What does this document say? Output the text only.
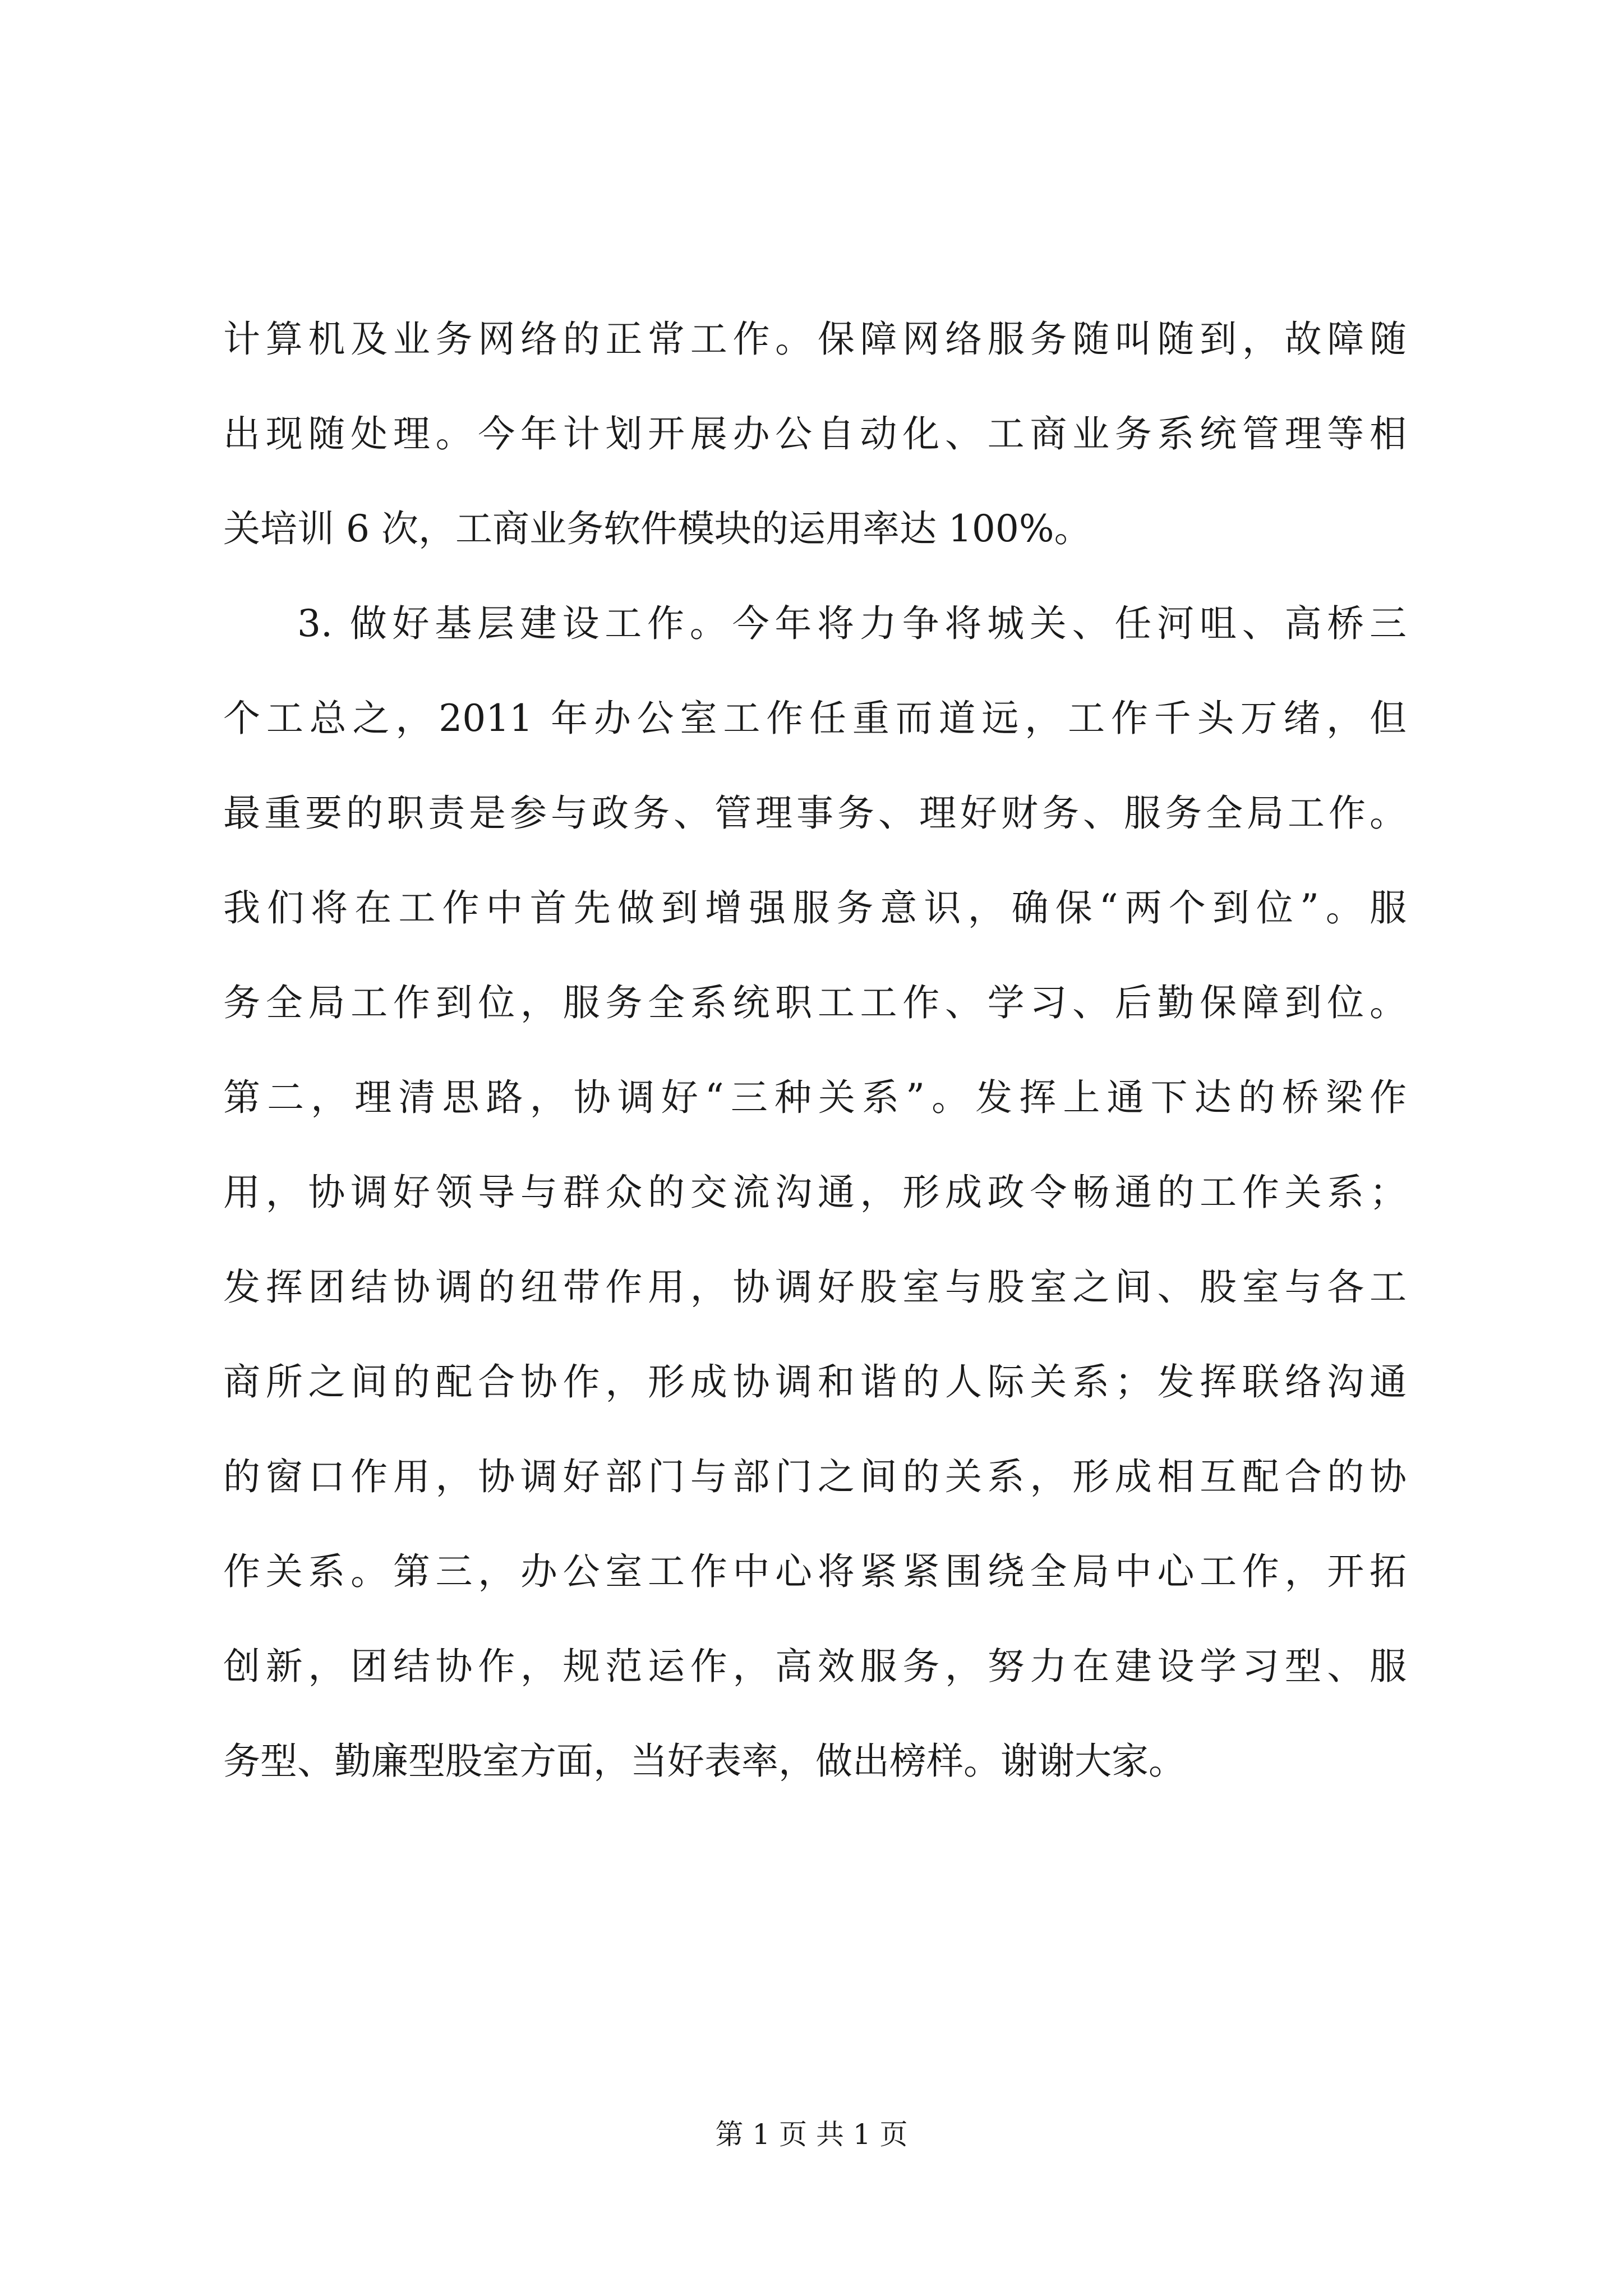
计算机及业务网络的正常工作。保障网络服务随叫随到，故障随
出现随处理。今年计划开展办公自动化、工商业务系统管理等相
关培训 6 次，工商业务软件模块的运用率达 100%。
3. 做好基层建设工作。今年将力争将城关、任河咀、高桥三
个工总之，2011 年办公室工作任重而道远，工作千头万绪，但
最重要的职责是参与政务、管理事务、理好财务、服务全局工作。
我们将在工作中首先做到增强服务意识，确保“两个到位”。服
务全局工作到位，服务全系统职工工作、学习、后勤保障到位。
第二，理清思路，协调好“三种关系”。发挥上通下达的桥梁作
用，协调好领导与群众的交流沟通，形成政令畅通的工作关系；
发挥团结协调的纽带作用，协调好股室与股室之间、股室与各工
商所之间的配合协作，形成协调和谐的人际关系；发挥联络沟通
的窗口作用，协调好部门与部门之间的关系，形成相互配合的协
作关系。第三，办公室工作中心将紧紧围绕全局中心工作，开拓
创新，团结协作，规范运作，高效服务，努力在建设学习型、服
务型、勤廉型股室方面，当好表率，做出榜样。谢谢大家。
第 1 页 共 1 页
